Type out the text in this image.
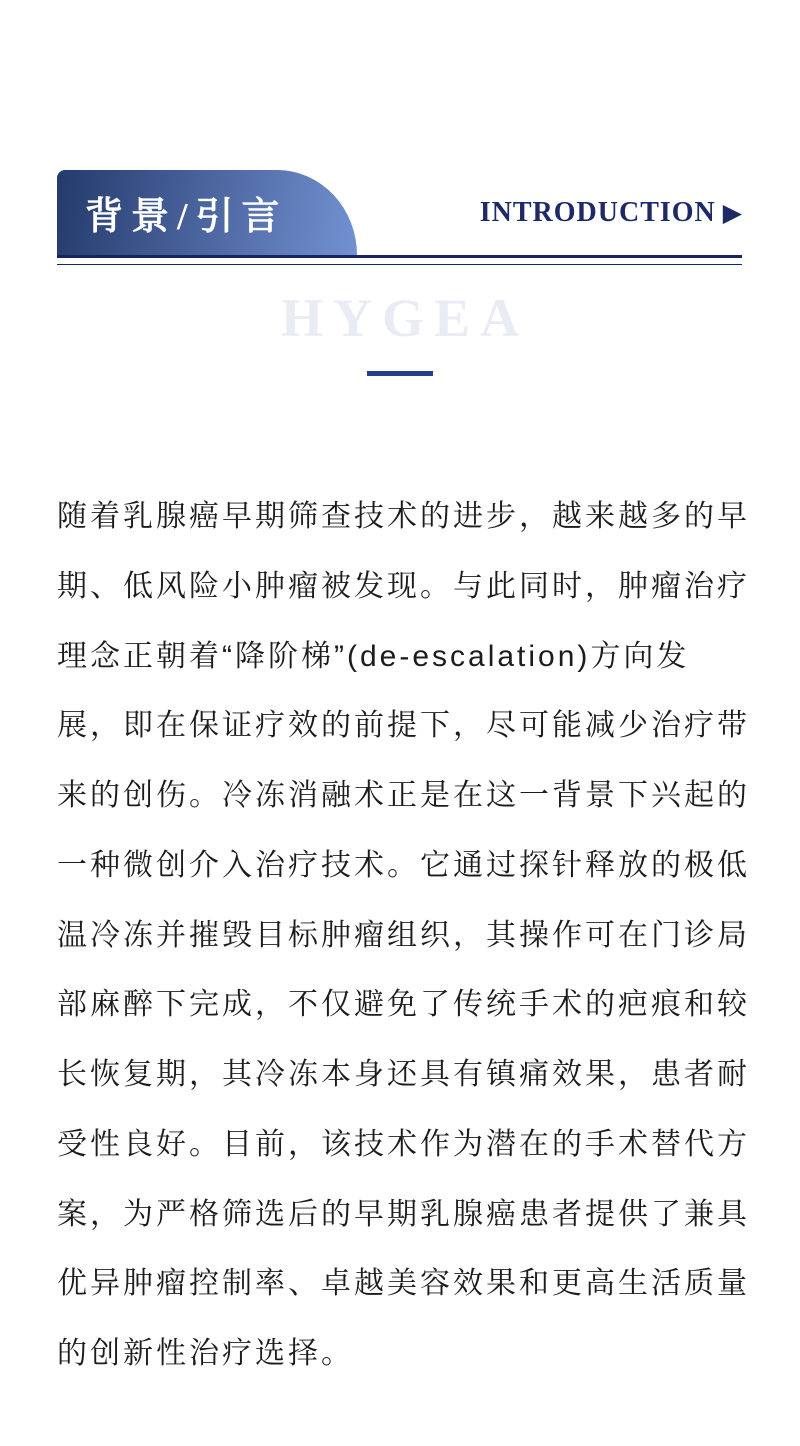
背景/引言	INTRODUCTION ▶
HYGEA
随着乳腺癌早期筛查技术的进步，越来越多的早
期、低风险小肿瘤被发现。与此同时，肿瘤治疗
理念正朝着“降阶梯”(de-escalation)方向发
展，即在保证疗效的前提下，尽可能减少治疗带
来的创伤。冷冻消融术正是在这一背景下兴起的
一种微创介入治疗技术。它通过探针释放的极低
温冷冻并摧毁目标肿瘤组织，其操作可在门诊局
部麻醉下完成，不仅避免了传统手术的疤痕和较
长恢复期，其冷冻本身还具有镇痛效果，患者耐
受性良好。目前，该技术作为潜在的手术替代方
案，为严格筛选后的早期乳腺癌患者提供了兼具
优异肿瘤控制率、卓越美容效果和更高生活质量
的创新性治疗选择。
